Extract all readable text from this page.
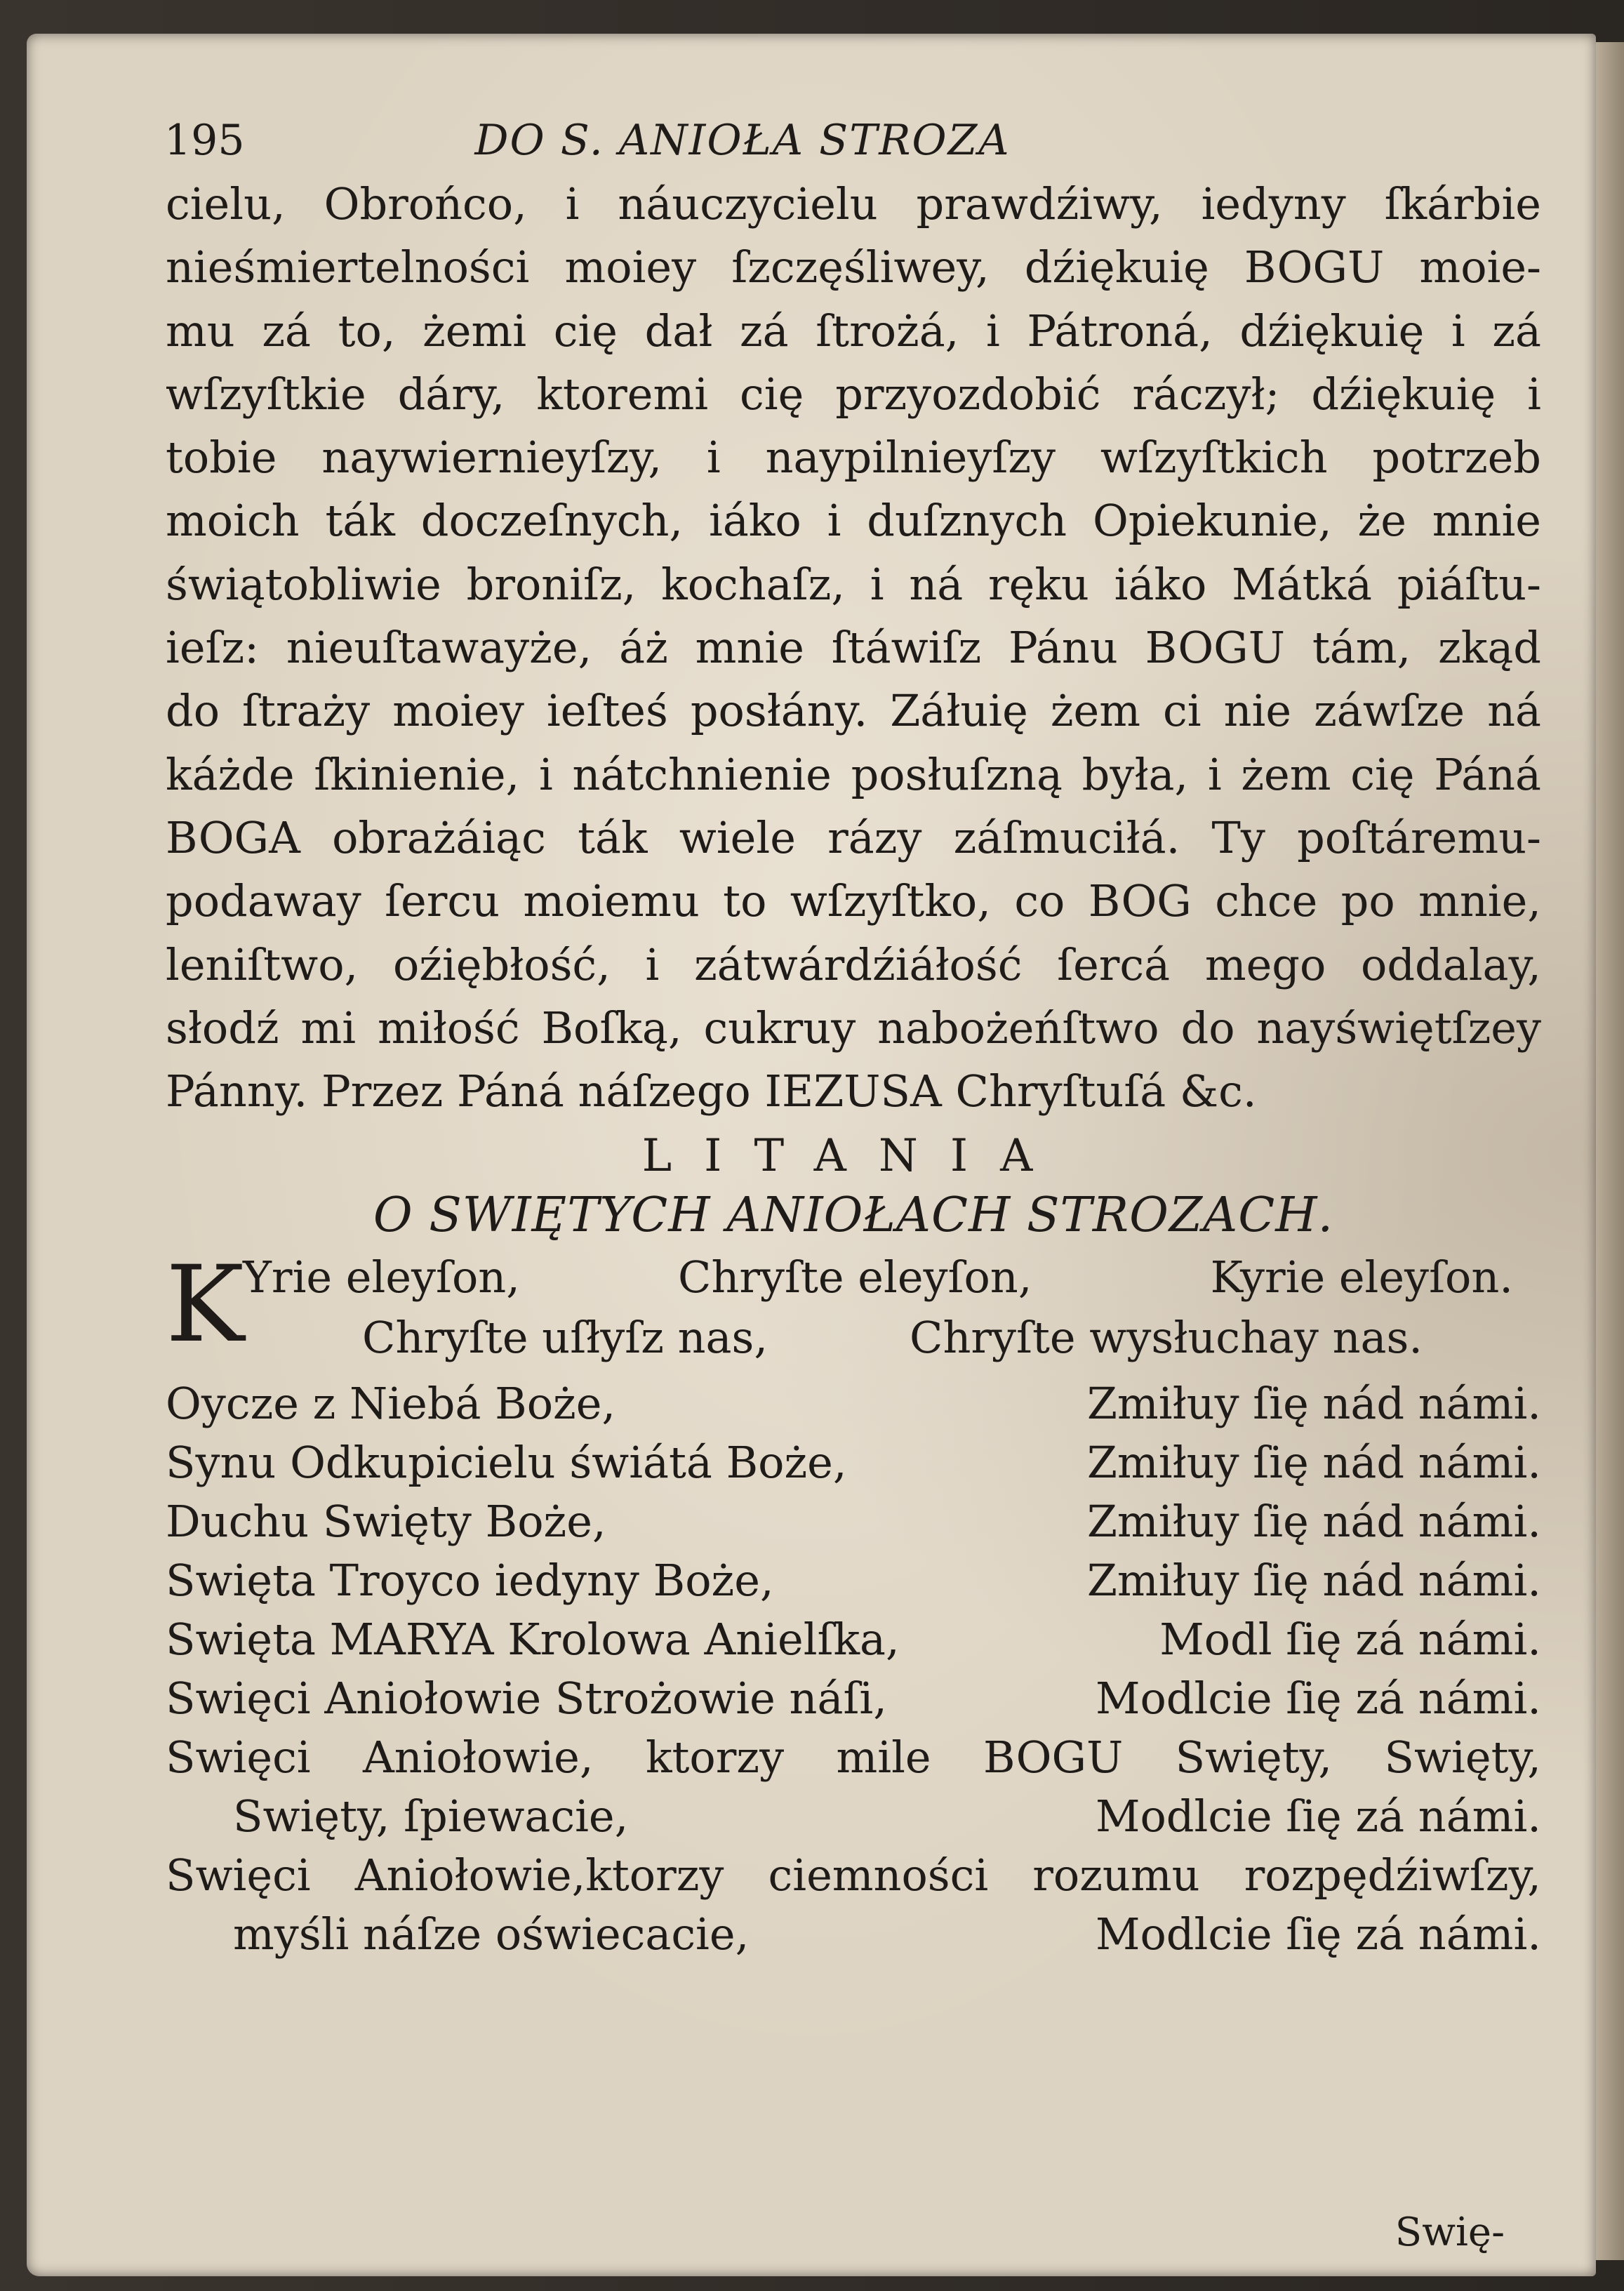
195	DO S. ANIOŁA STROZA
cielu, Obrońco, i náuczycielu prawdźiwy, iedyny ſkárbie
nieśmiertelności moiey ſzczęśliwey, dźiękuię BOGU moie-
mu zá to, żemi cię dał zá ſtrożá, i Pátroná, dźiękuię i zá
wſzyſtkie dáry, ktoremi cię przyozdobić ráczył; dźiękuię i
tobie naywiernieyſzy, i naypilnieyſzy wſzyſtkich potrzeb
moich ták doczeſnych, iáko i duſznych Opiekunie, że mnie
świątobliwie broniſz, kochaſz, i ná ręku iáko Mátká piáſtu-
ieſz: nieuſtawayże, áż mnie ſtáwiſz Pánu BOGU tám, zkąd
do ſtraży moiey ieſteś posłány. Záłuię żem ci nie záwſze ná
káżde ſkinienie, i nátchnienie posłuſzną była, i żem cię Páná
BOGA obrażáiąc ták wiele rázy záſmuciłá. Ty poſtáremu-
podaway ſercu moiemu to wſzyſtko, co BOG chce po mnie,
leniſtwo, oźiębłość, i zátwárdźiáłość ſercá mego oddalay,
słodź mi miłość Boſką, cukruy nabożeńſtwo do nayświętſzey
Pánny. Przez Páná náſzego IEZUSA Chryſtuſá &c.
LITANIA
O SWIĘTYCH ANIOŁACH STROZACH.
K
Yrie eleyſon,	Chryſte eleyſon,	Kyrie eleyſon.
Chryſte uſłyſz nas,	Chryſte wysłuchay nas.
Oycze z Niebá Boże,	Zmiłuy ſię nád námi.
Synu Odkupicielu świátá Boże,	Zmiłuy ſię nád námi.
Duchu Swięty Boże,	Zmiłuy ſię nád námi.
Swięta Troyco iedyny Boże,	Zmiłuy ſię nád námi.
Swięta MARYA Krolowa Anielſka,	Modl ſię zá námi.
Swięci Aniołowie Strożowie náſi,	Modlcie ſię zá námi.
Swięci Aniołowie, ktorzy mile BOGU Swięty, Swięty,
Swięty, ſpiewacie,	Modlcie ſię zá námi.
Swięci Aniołowie,ktorzy ciemności rozumu rozpędźiwſzy,
myśli náſze oświecacie,	Modlcie ſię zá námi.
Swię-
